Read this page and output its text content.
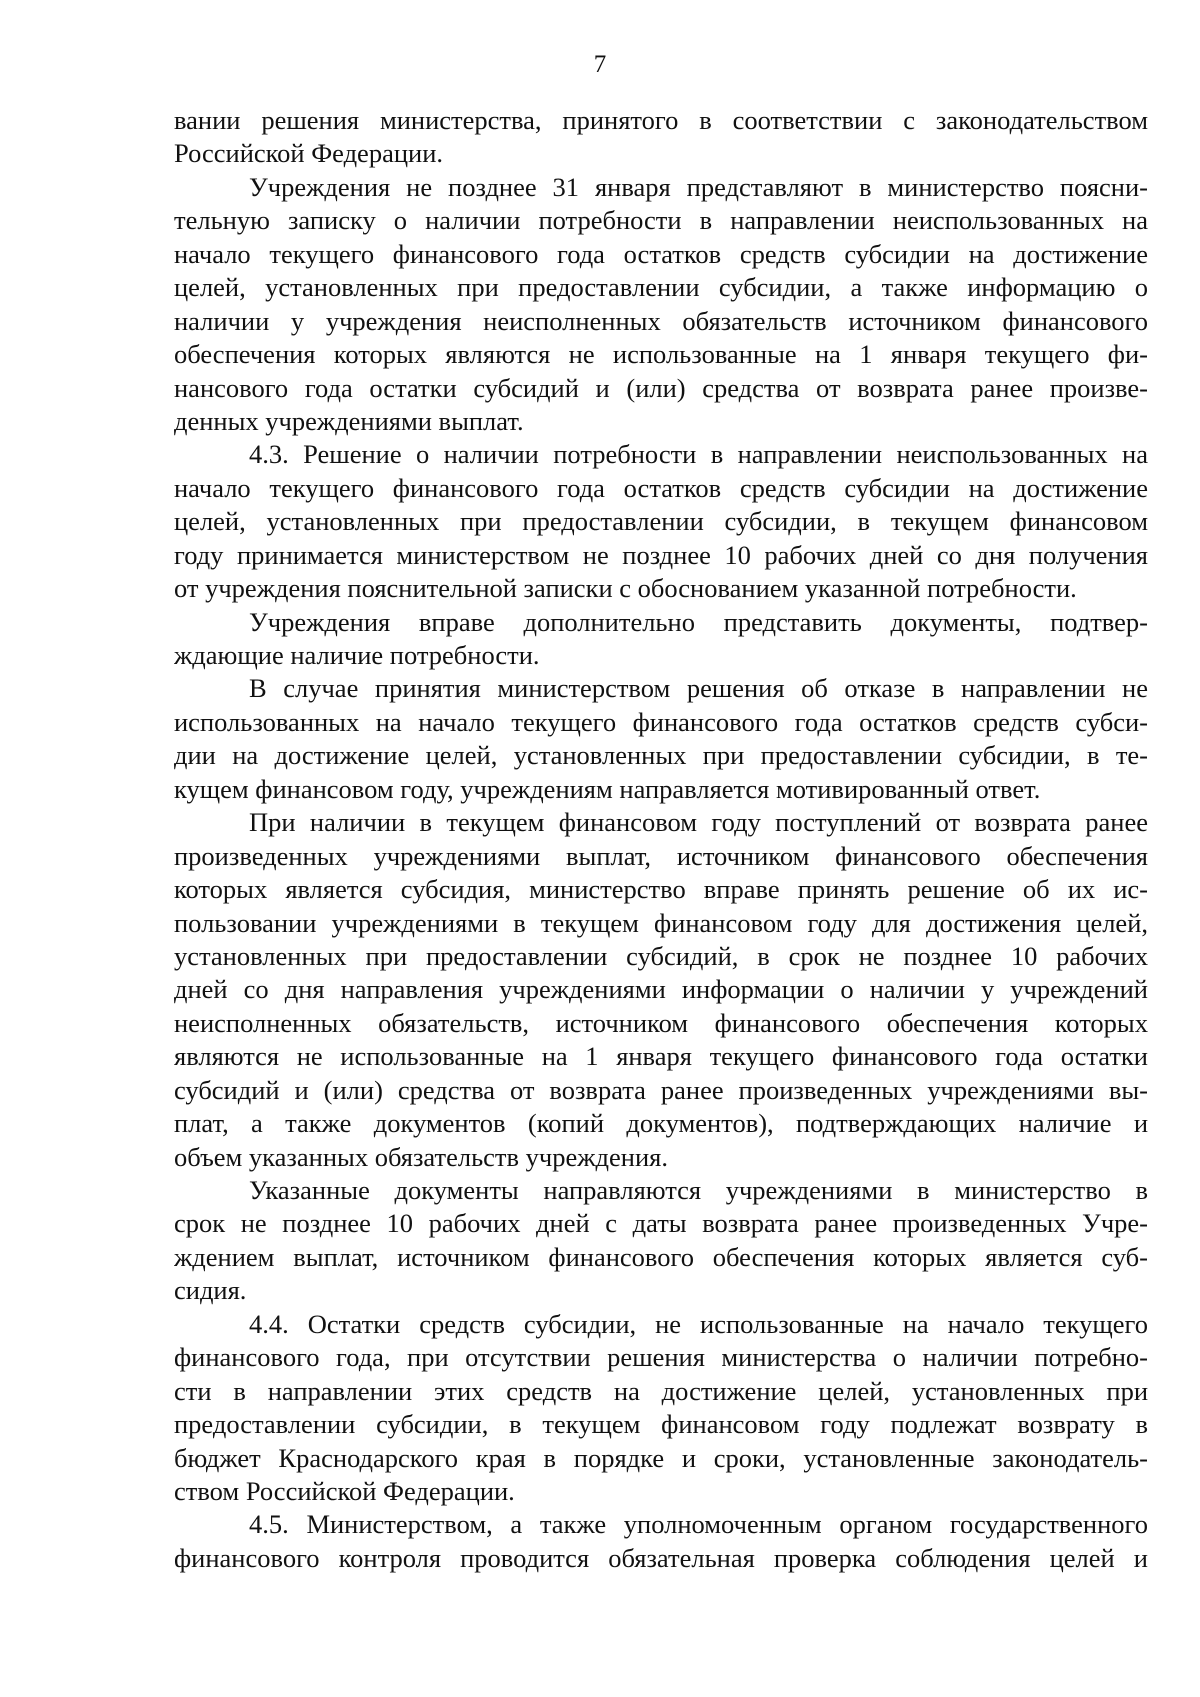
7
вании решения министерства, принятого в соответствии с законодательством
Российской Федерации.
Учреждения не позднее 31 января представляют в министерство поясни-
тельную записку о наличии потребности в направлении неиспользованных на
начало текущего финансового года остатков средств субсидии на достижение
целей, установленных при предоставлении субсидии, а также информацию о
наличии у учреждения неисполненных обязательств источником финансового
обеспечения которых являются не использованные на 1 января текущего фи-
нансового года остатки субсидий и (или) средства от возврата ранее произве-
денных учреждениями выплат.
4.3. Решение о наличии потребности в направлении неиспользованных на
начало текущего финансового года остатков средств субсидии на достижение
целей, установленных при предоставлении субсидии, в текущем финансовом
году принимается министерством не позднее 10 рабочих дней со дня получения
от учреждения пояснительной записки с обоснованием указанной потребности.
Учреждения вправе дополнительно представить документы, подтвер-
ждающие наличие потребности.
В случае принятия министерством решения об отказе в направлении не
использованных на начало текущего финансового года остатков средств субси-
дии на достижение целей, установленных при предоставлении субсидии, в те-
кущем финансовом году, учреждениям направляется мотивированный ответ.
При наличии в текущем финансовом году поступлений от возврата ранее
произведенных учреждениями выплат, источником финансового обеспечения
которых является субсидия, министерство вправе принять решение об их ис-
пользовании учреждениями в текущем финансовом году для достижения целей,
установленных при предоставлении субсидий, в срок не позднее 10 рабочих
дней со дня направления учреждениями информации о наличии у учреждений
неисполненных обязательств, источником финансового обеспечения которых
являются не использованные на 1 января текущего финансового года остатки
субсидий и (или) средства от возврата ранее произведенных учреждениями вы-
плат, а также документов (копий документов), подтверждающих наличие и
объем указанных обязательств учреждения.
Указанные документы направляются учреждениями в министерство в
срок не позднее 10 рабочих дней с даты возврата ранее произведенных Учре-
ждением выплат, источником финансового обеспечения которых является суб-
сидия.
4.4. Остатки средств субсидии, не использованные на начало текущего
финансового года, при отсутствии решения министерства о наличии потребно-
сти в направлении этих средств на достижение целей, установленных при
предоставлении субсидии, в текущем финансовом году подлежат возврату в
бюджет Краснодарского края в порядке и сроки, установленные законодатель-
ством Российской Федерации.
4.5. Министерством, а также уполномоченным органом государственного
финансового контроля проводится обязательная проверка соблюдения целей и
